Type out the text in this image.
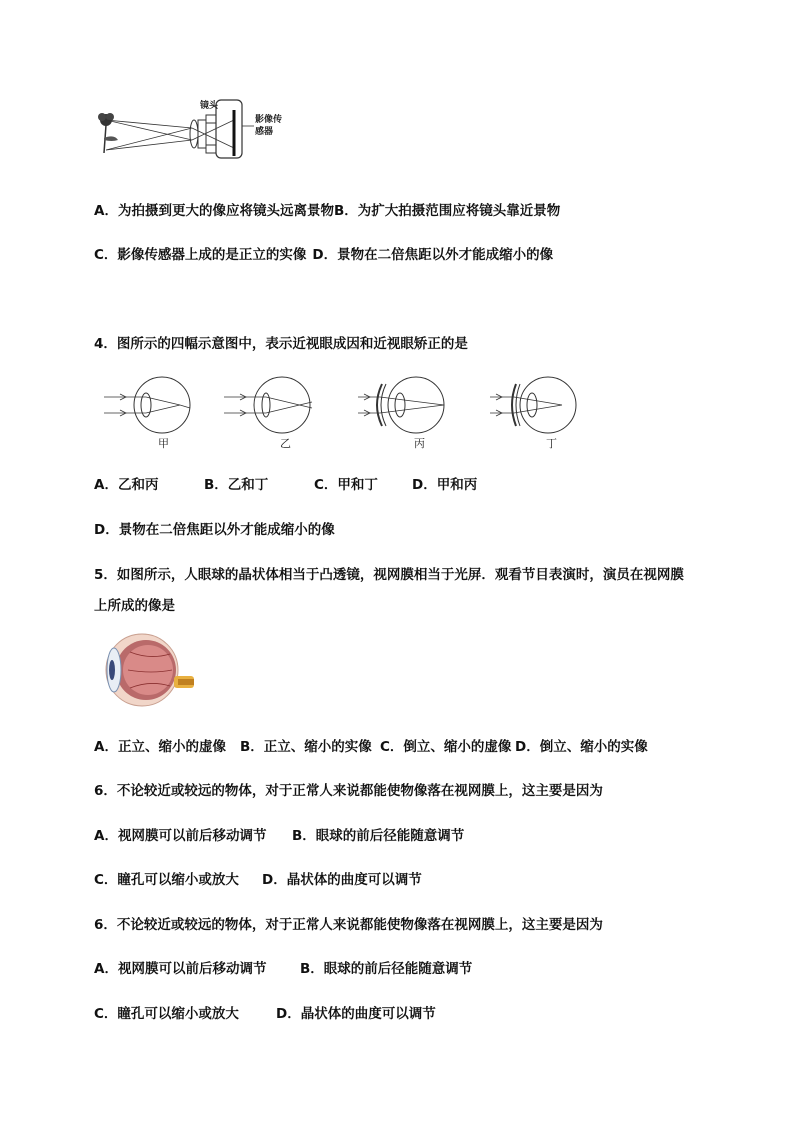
镜头
影像传
感器
A．为拍摄到更大的像应将镜头远离景物B．为扩大拍摄范围应将镜头靠近景物
C．影像传感器上成的是正立的实像 D．景物在二倍焦距以外才能成缩小的像
4．图所示的四幅示意图中，表示近视眼成因和近视眼矫正的是
甲	乙	丙	丁
A．乙和丙	B．乙和丁	C．甲和丁	D．甲和丙
D．景物在二倍焦距以外才能成缩小的像
5．如图所示，人眼球的晶状体相当于凸透镜，视网膜相当于光屏．观看节目表演时，演员在视网膜
上所成的像是
A．正立、缩小的虚像 B．正立、缩小的实像 C．倒立、缩小的虚像 D．倒立、缩小的实像
6．不论较近或较远的物体，对于正常人来说都能使物像落在视网膜上，这主要是因为
A．视网膜可以前后移动调节 B．眼球的前后径能随意调节
C．瞳孔可以缩小或放大 D．晶状体的曲度可以调节
6．不论较近或较远的物体，对于正常人来说都能使物像落在视网膜上，这主要是因为
A．视网膜可以前后移动调节 B．眼球的前后径能随意调节
C．瞳孔可以缩小或放大	D．晶状体的曲度可以调节
